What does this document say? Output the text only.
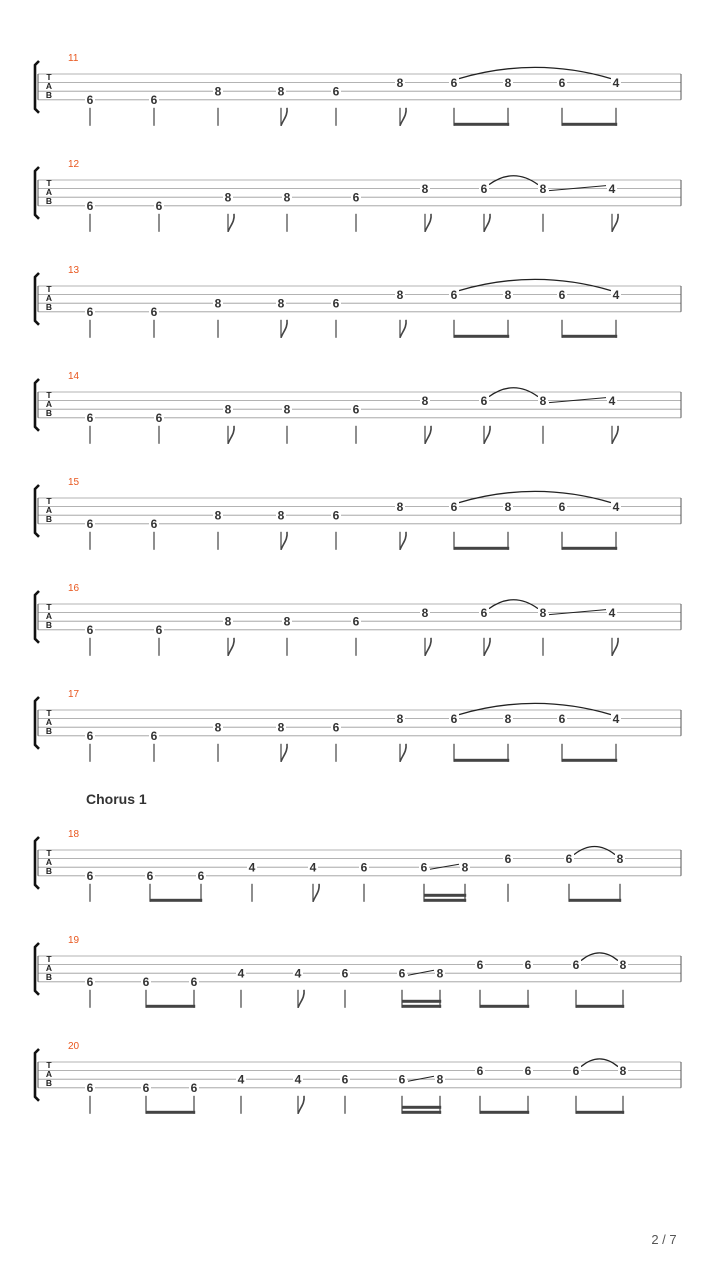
T
A
B
11
6	6
8	8	6
8	6	8	6	4
T
A
B
12
6	6
8	8	6
8	6	8	4
T
A
B
13
6	6
8	8	6
8	6	8	6	4
T
A
B
14
6	6
8	8	6
8	6	8	4
T
A
B
15
6	6
8	8	6
8	6	8	6	4
T
A
B
16
6	6
8	8	6
8	6	8	4
T
A
B
17
6	6
8	8	6
8	6	8	6	4
T
A
B
18
6	6	6
4	4	6	6	8
6	6	8
Chorus 1
T
A
B
19
6	6	6
4	4	6	6	8
6	6	6	8
T
A
B
20
6	6	6
4	4	6	6	8
6	6	6	8
2 / 7
